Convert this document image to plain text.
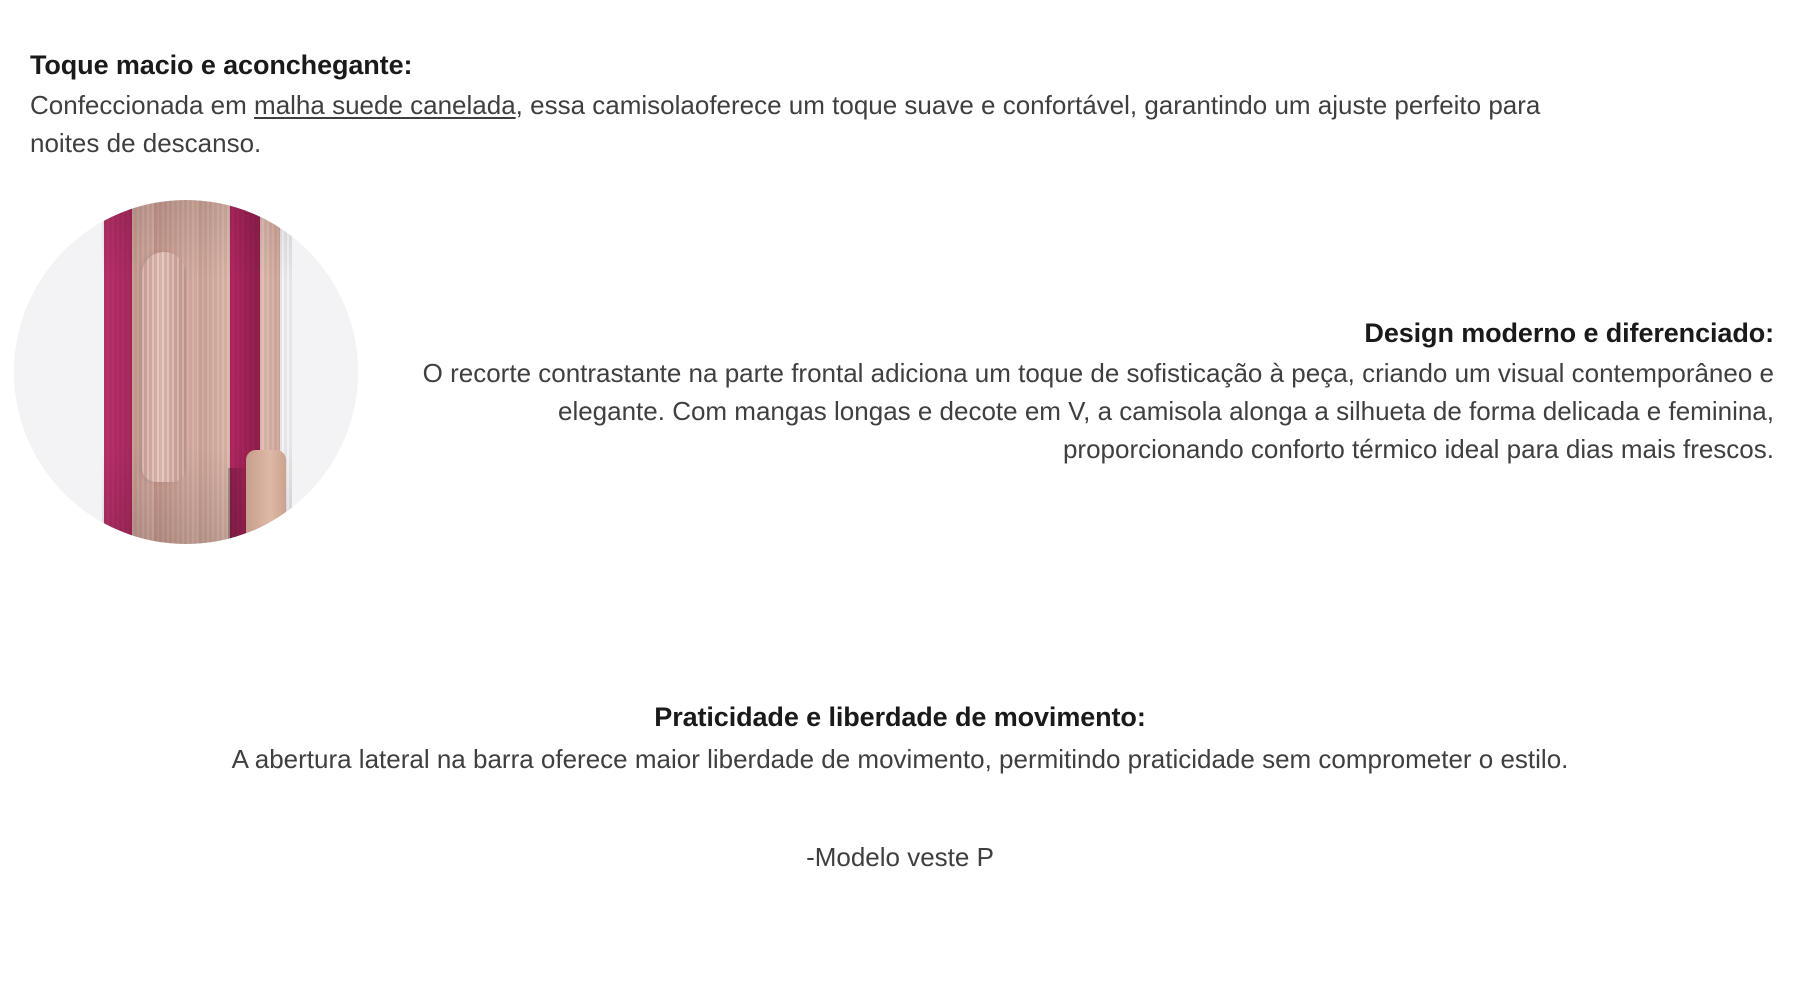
Toque macio e aconchegante:

Confeccionada em malha suede canelada, essa camisolaoferece um toque suave e confortável, garantindo um ajuste perfeito para noites de descanso.

Design moderno e diferenciado:

O recorte contrastante na parte frontal adiciona um toque de sofisticação à peça, criando um visual contemporâneo e elegante. Com mangas longas e decote em V, a camisola alonga a silhueta de forma delicada e feminina, proporcionando conforto térmico ideal para dias mais frescos.

Praticidade e liberdade de movimento:

A abertura lateral na barra oferece maior liberdade de movimento, permitindo praticidade sem comprometer o estilo.

-Modelo veste P
